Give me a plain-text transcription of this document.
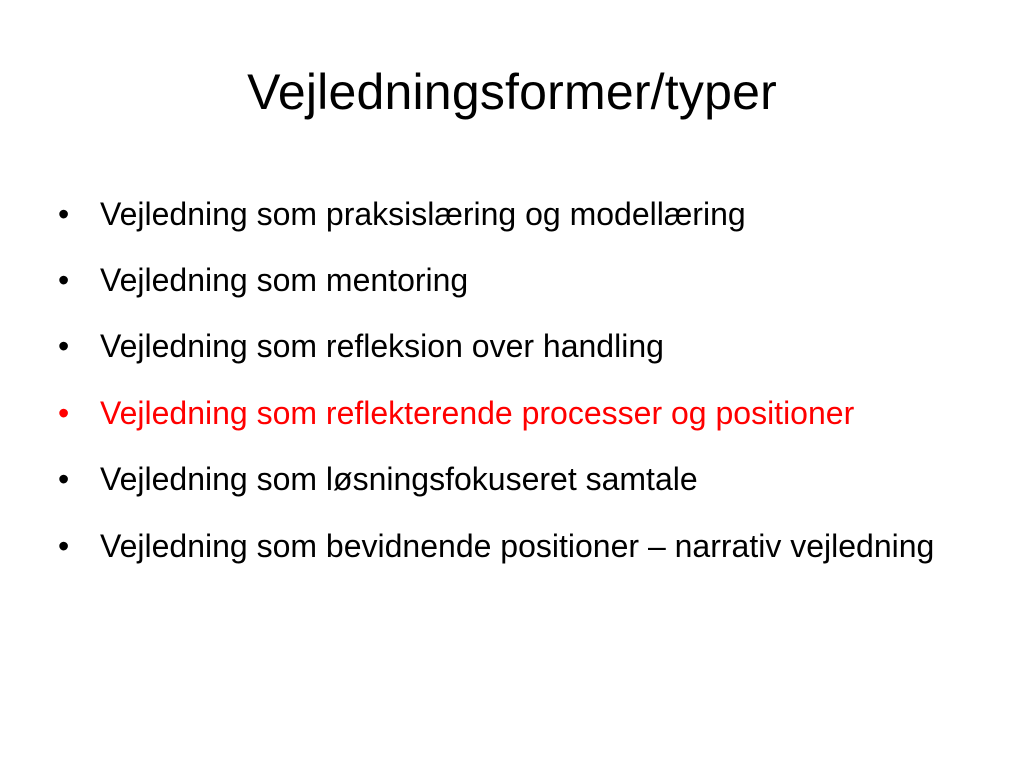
Vejledningsformer/typer
• Vejledning som praksislæring og modellæring
• Vejledning som mentoring
• Vejledning som refleksion over handling
• Vejledning som reflekterende processer og positioner
• Vejledning som løsningsfokuseret samtale
• Vejledning som bevidnende positioner – narrativ vejledning
